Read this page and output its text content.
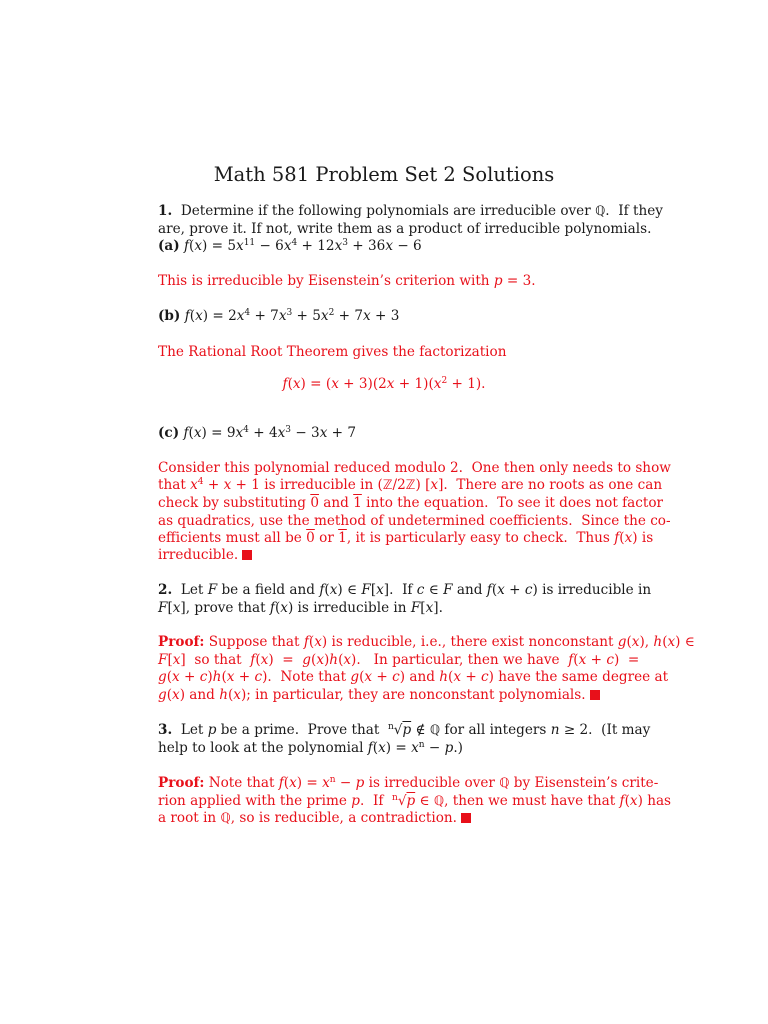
Math 581 Problem Set 2 Solutions
1.  Determine if the following polynomials are irreducible over ℚ.  If they
are, prove it. If not, write them as a product of irreducible polynomials.
(a) $f(x) = 5x^{11} - 6x^4 + 12x^3 + 36x - 6$
This is irreducible by Eisenstein’s criterion with p = 3.
(b) $f(x) = 2x^4 + 7x^3 + 5x^2 + 7x + 3$
The Rational Root Theorem gives the factorization
$f(x) = (x + 3)(2x + 1)(x^2 + 1)$.
(c) $f(x) = 9x^4 + 4x^3 - 3x + 7$
Consider this polynomial reduced modulo 2.  One then only needs to show
that $x^4 + x + 1$ is irreducible in (ℤ/2ℤ) [x].  There are no roots as one can
check by substituting 0 and 1 into the equation.  To see it does not factor
as quadratics, use the method of undetermined coefficients.  Since the co-
efficients must all be 0 or 1, it is particularly easy to check.  Thus f(x) is
irreducible.
2.  Let F be a field and f(x) ∈ F[x].  If c ∈ F and f(x + c) is irreducible in
F[x], prove that f(x) is irreducible in F[x].
Proof: Suppose that f(x) is reducible, i.e., there exist nonconstant g(x), h(x) ∈
F[x]  so that  f(x)  =  g(x)h(x).   In particular, then we have  f(x + c)  =
g(x + c)h(x + c).  Note that g(x + c) and h(x + c) have the same degree at
g(x) and h(x); in particular, they are nonconstant polynomials.
3.  Let p be a prime.  Prove that  $^n$√p ∉ ℚ for all integers n ≥ 2.  (It may
help to look at the polynomial $f(x) = x^n - p$.)
Proof: Note that $f(x) = x^n - p$ is irreducible over ℚ by Eisenstein’s crite-
rion applied with the prime p.  If  $^n$√p ∈ ℚ, then we must have that f(x) has
a root in ℚ, so is reducible, a contradiction.
